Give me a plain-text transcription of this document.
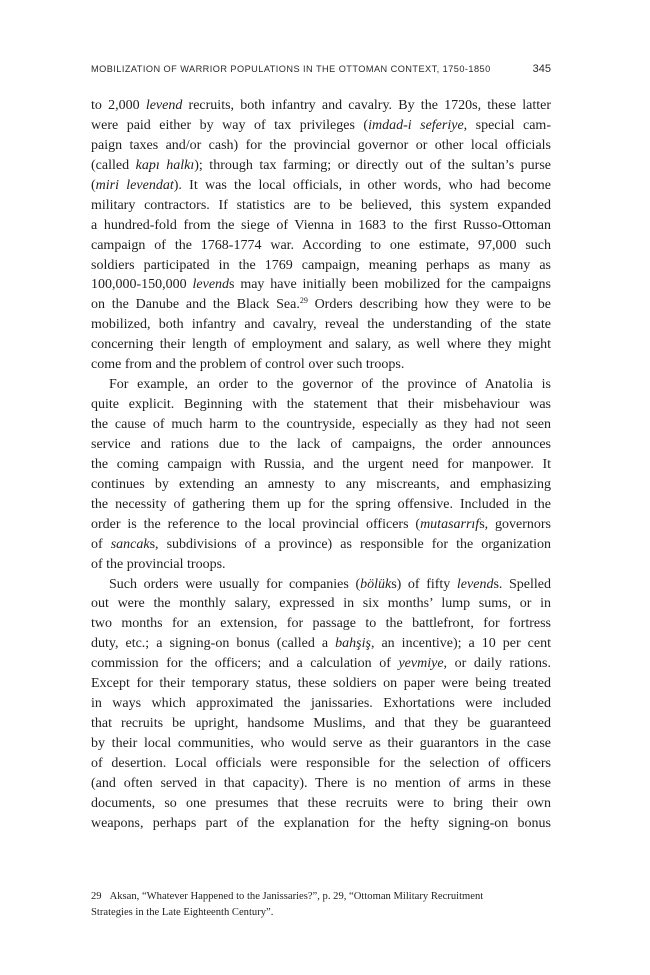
MOBILIZATION OF WARRIOR POPULATIONS IN THE OTTOMAN CONTEXT, 1750-1850	345
to 2,000 levend recruits, both infantry and cavalry. By the 1720s, these latter
were paid either by way of tax privileges (imdad-i seferiye, special cam-
paign taxes and/or cash) for the provincial governor or other local officials
(called kapı halkı); through tax farming; or directly out of the sultan’s purse
(miri levendat). It was the local officials, in other words, who had become
military contractors. If statistics are to be believed, this system expanded
a hundred-fold from the siege of Vienna in 1683 to the first Russo-Ottoman
campaign of the 1768-1774 war. According to one estimate, 97,000 such
soldiers participated in the 1769 campaign, meaning perhaps as many as
100,000-150,000 levends may have initially been mobilized for the campaigns
on the Danube and the Black Sea.$^{29}$ Orders describing how they were to be
mobilized, both infantry and cavalry, reveal the understanding of the state
concerning their length of employment and salary, as well where they might
come from and the problem of control over such troops.
For example, an order to the governor of the province of Anatolia is
quite explicit. Beginning with the statement that their misbehaviour was
the cause of much harm to the countryside, especially as they had not seen
service and rations due to the lack of campaigns, the order announces
the coming campaign with Russia, and the urgent need for manpower. It
continues by extending an amnesty to any miscreants, and emphasizing
the necessity of gathering them up for the spring offensive. Included in the
order is the reference to the local provincial officers (mutasarrıfs, governors
of sancaks, subdivisions of a province) as responsible for the organization
of the provincial troops.
Such orders were usually for companies (bölüks) of fifty levends. Spelled
out were the monthly salary, expressed in six months’ lump sums, or in
two months for an extension, for passage to the battlefront, for fortress
duty, etc.; a signing-on bonus (called a bahşiş, an incentive); a 10 per cent
commission for the officers; and a calculation of yevmiye, or daily rations.
Except for their temporary status, these soldiers on paper were being treated
in ways which approximated the janissaries. Exhortations were included
that recruits be upright, handsome Muslims, and that they be guaranteed
by their local communities, who would serve as their guarantors in the case
of desertion. Local officials were responsible for the selection of officers
(and often served in that capacity). There is no mention of arms in these
documents, so one presumes that these recruits were to bring their own
weapons, perhaps part of the explanation for the hefty signing-on bonus
29 Aksan, “Whatever Happened to the Janissaries?”, p. 29, “Ottoman Military Recruitment
Strategies in the Late Eighteenth Century”.
